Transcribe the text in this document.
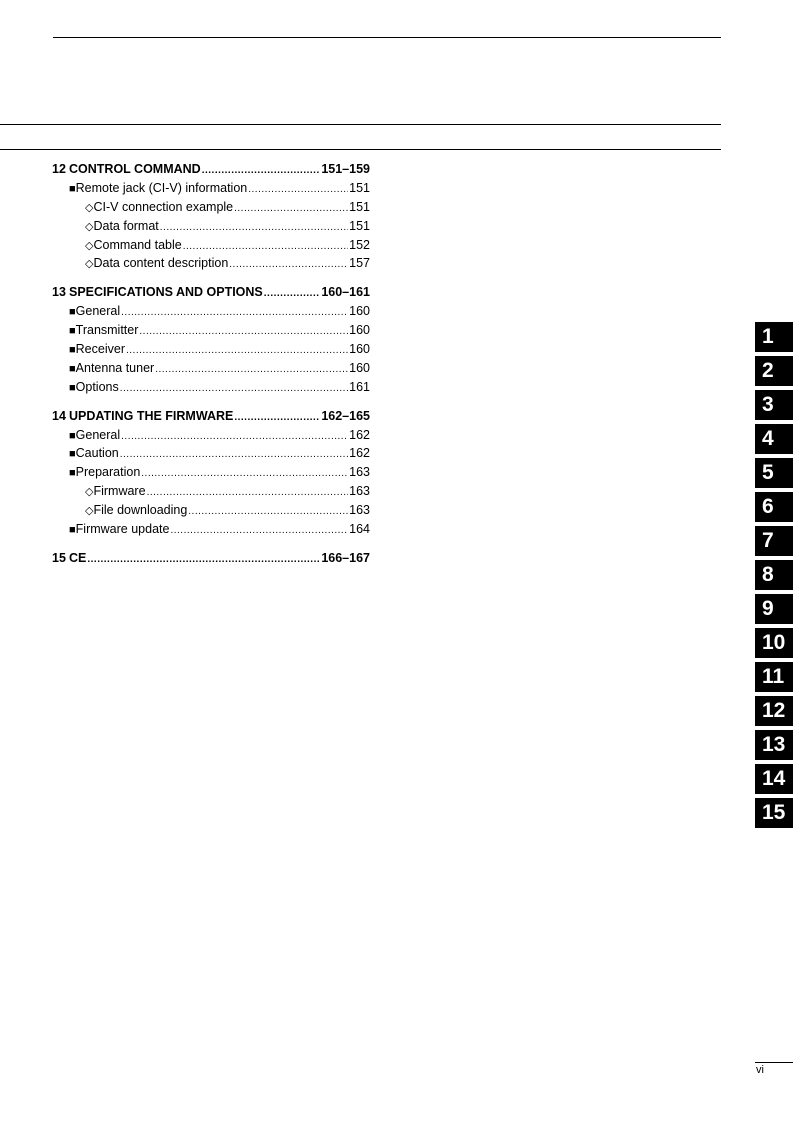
12 CONTROL COMMAND .....	151–159
■
Remote jack (CI-V) information .....	151
◇
CI-V connection example .....	151
◇
Data format .....	151
◇
Command table .....	152
◇
Data content description .....	157
13 SPECIFICATIONS AND OPTIONS .....	160–161
■
General .....	160
■
Transmitter .....	160
■
Receiver .....	160
■
Antenna tuner .....	160
■
Options .....	161
14 UPDATING THE FIRMWARE .....	162–165
■
General .....	162
■
Caution .....	162
■
Preparation .....	163
◇
Firmware .....	163
◇
File downloading .....	163
■
Firmware update .....	164
15 CE .....	166–167
1
2
3
4
5
6
7
8
9
10
11
12
13
14
15
vi
